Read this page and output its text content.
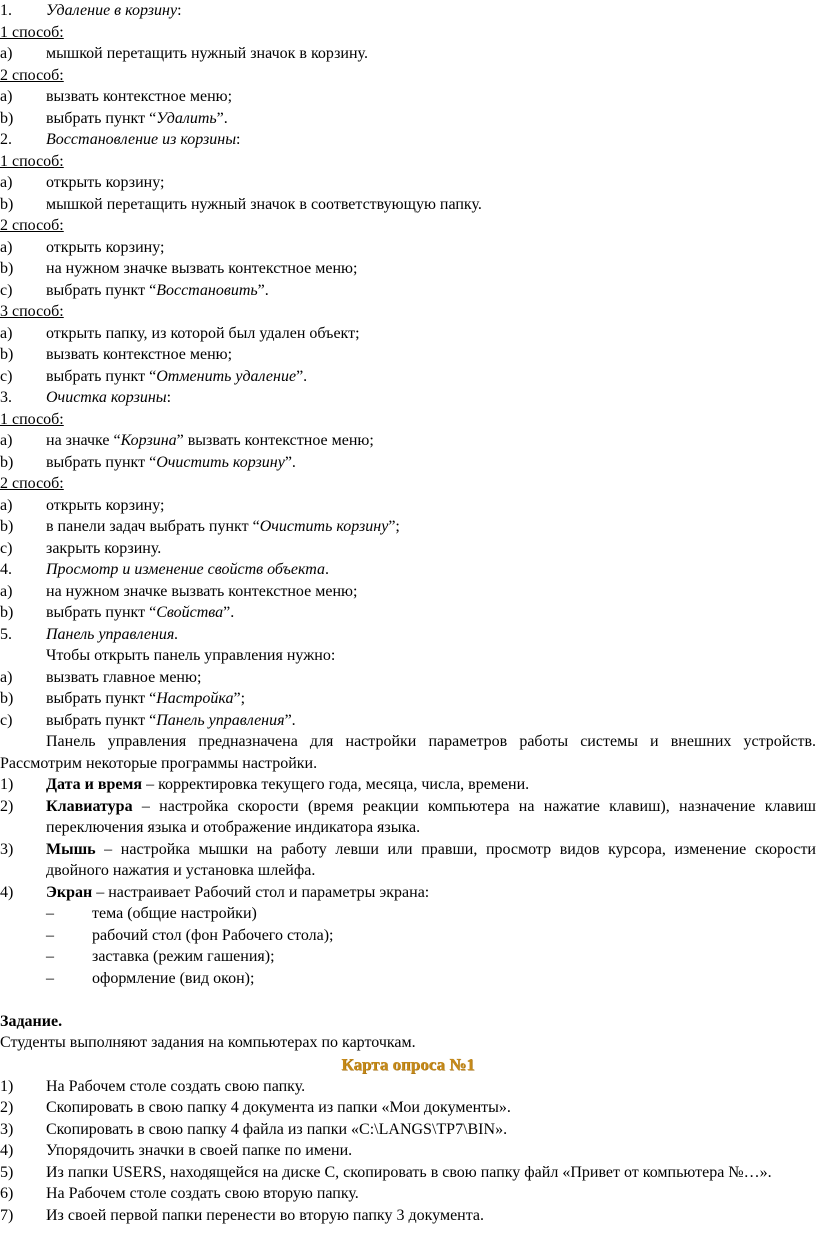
1. Удаление в корзину:
1 способ:
a) мышкой перетащить нужный значок в корзину.
2 способ:
a) вызвать контекстное меню;
b) выбрать пункт “Удалить”.
2. Восстановление из корзины:
1 способ:
a) открыть корзину;
b) мышкой перетащить нужный значок в соответствующую папку.
2 способ:
a) открыть корзину;
b) на нужном значке вызвать контекстное меню;
c) выбрать пункт “Восстановить”.
3 способ:
a) открыть папку, из которой был удален объект;
b) вызвать контекстное меню;
c) выбрать пункт “Отменить удаление”.
3. Очистка корзины:
1 способ:
a) на значке “Корзина” вызвать контекстное меню;
b) выбрать пункт “Очистить корзину”.
2 способ:
a) открыть корзину;
b) в панели задач выбрать пункт “Очистить корзину”;
c) закрыть корзину.
4. Просмотр и изменение свойств объекта.
a) на нужном значке вызвать контекстное меню;
b) выбрать пункт “Свойства”.
5. Панель управления.
Чтобы открыть панель управления нужно:
a) вызвать главное меню;
b) выбрать пункт “Настройка”;
c) выбрать пункт “Панель управления”.
Панель управления предназначена для настройки параметров работы системы и внешних устройств. Рассмотрим некоторые программы настройки.
1) Дата и время – корректировка текущего года, месяца, числа, времени.
2) Клавиатура – настройка скорости (время реакции компьютера на нажатие клавиш), назначение клавиш переключения языка и отображение индикатора языка.
3) Мышь – настройка мышки на работу левши или правши, просмотр видов курсора, изменение скорости двойного нажатия и установка шлейфа.
4) Экран – настраивает Рабочий стол и параметры экрана:
– тема (общие настройки)
– рабочий стол (фон Рабочего стола);
– заставка (режим гашения);
– оформление (вид окон);
Задание.
Студенты выполняют задания на компьютерах по карточкам.
Карта опроса №1
1) На Рабочем столе создать свою папку.
2) Скопировать в свою папку 4 документа из папки «Мои документы».
3) Скопировать в свою папку 4 файла из папки «C:\LANGS\TP7\BIN».
4) Упорядочить значки в своей папке по имени.
5) Из папки USERS, находящейся на диске С, скопировать в свою папку файл «Привет от компьютера №…».
6) На Рабочем столе создать свою вторую папку.
7) Из своей первой папки перенести во вторую папку 3 документа.
